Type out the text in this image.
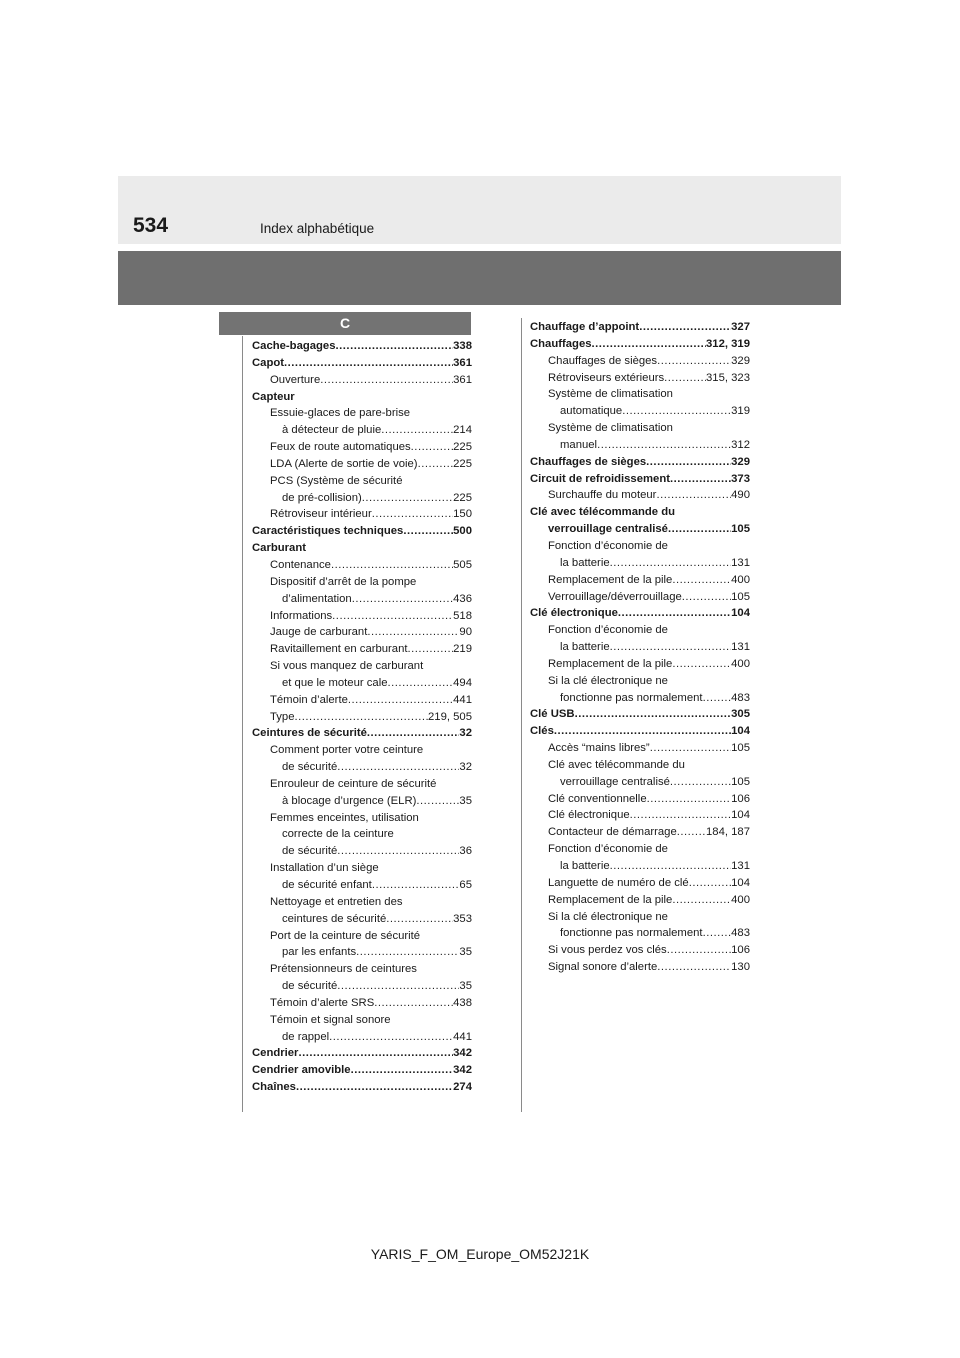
534	Index alphabétique
C
Cache-bagages .....	338
Capot .....	361
Ouverture .....	361
Capteur
Essuie-glaces de pare-brise
à détecteur de pluie .....	214
Feux de route automatiques .....	225
LDA (Alerte de sortie de voie) .....	225
PCS (Système de sécurité
de pré-collision) .....	225
Rétroviseur intérieur .....	150
Caractéristiques techniques .....	500
Carburant
Contenance .....	505
Dispositif d’arrêt de la pompe
d’alimentation .....	436
Informations .....	518
Jauge de carburant .....	90
Ravitaillement en carburant .....	219
Si vous manquez de carburant
et que le moteur cale .....	494
Témoin d’alerte .....	441
Type .....	219, 505
Ceintures de sécurité .....	32
Comment porter votre ceinture
de sécurité .....	32
Enrouleur de ceinture de sécurité
à blocage d’urgence (ELR) .....	35
Femmes enceintes, utilisation
correcte de la ceinture
de sécurité .....	36
Installation d’un siège
de sécurité enfant .....	65
Nettoyage et entretien des
ceintures de sécurité .....	353
Port de la ceinture de sécurité
par les enfants .....	35
Prétensionneurs de ceintures
de sécurité .....	35
Témoin d’alerte SRS .....	438
Témoin et signal sonore
de rappel .....	441
Cendrier .....	342
Cendrier amovible .....	342
Chaînes .....	274
Chauffage d’appoint .....	327
Chauffages .....	312, 319
Chauffages de sièges .....	329
Rétroviseurs extérieurs .....	315, 323
Système de climatisation
automatique .....	319
Système de climatisation
manuel .....	312
Chauffages de sièges .....	329
Circuit de refroidissement .....	373
Surchauffe du moteur .....	490
Clé avec télécommande du
verrouillage centralisé .....	105
Fonction d’économie de
la batterie .....	131
Remplacement de la pile .....	400
Verrouillage/déverrouillage .....	105
Clé électronique .....	104
Fonction d’économie de
la batterie .....	131
Remplacement de la pile .....	400
Si la clé électronique ne
fonctionne pas normalement .....	483
Clé USB .....	305
Clés .....	104
Accès “mains libres” .....	105
Clé avec télécommande du
verrouillage centralisé .....	105
Clé conventionnelle .....	106
Clé électronique .....	104
Contacteur de démarrage .....	184, 187
Fonction d’économie de
la batterie .....	131
Languette de numéro de clé .....	104
Remplacement de la pile .....	400
Si la clé électronique ne
fonctionne pas normalement .....	483
Si vous perdez vos clés .....	106
Signal sonore d’alerte .....	130
YARIS_F_OM_Europe_OM52J21K
